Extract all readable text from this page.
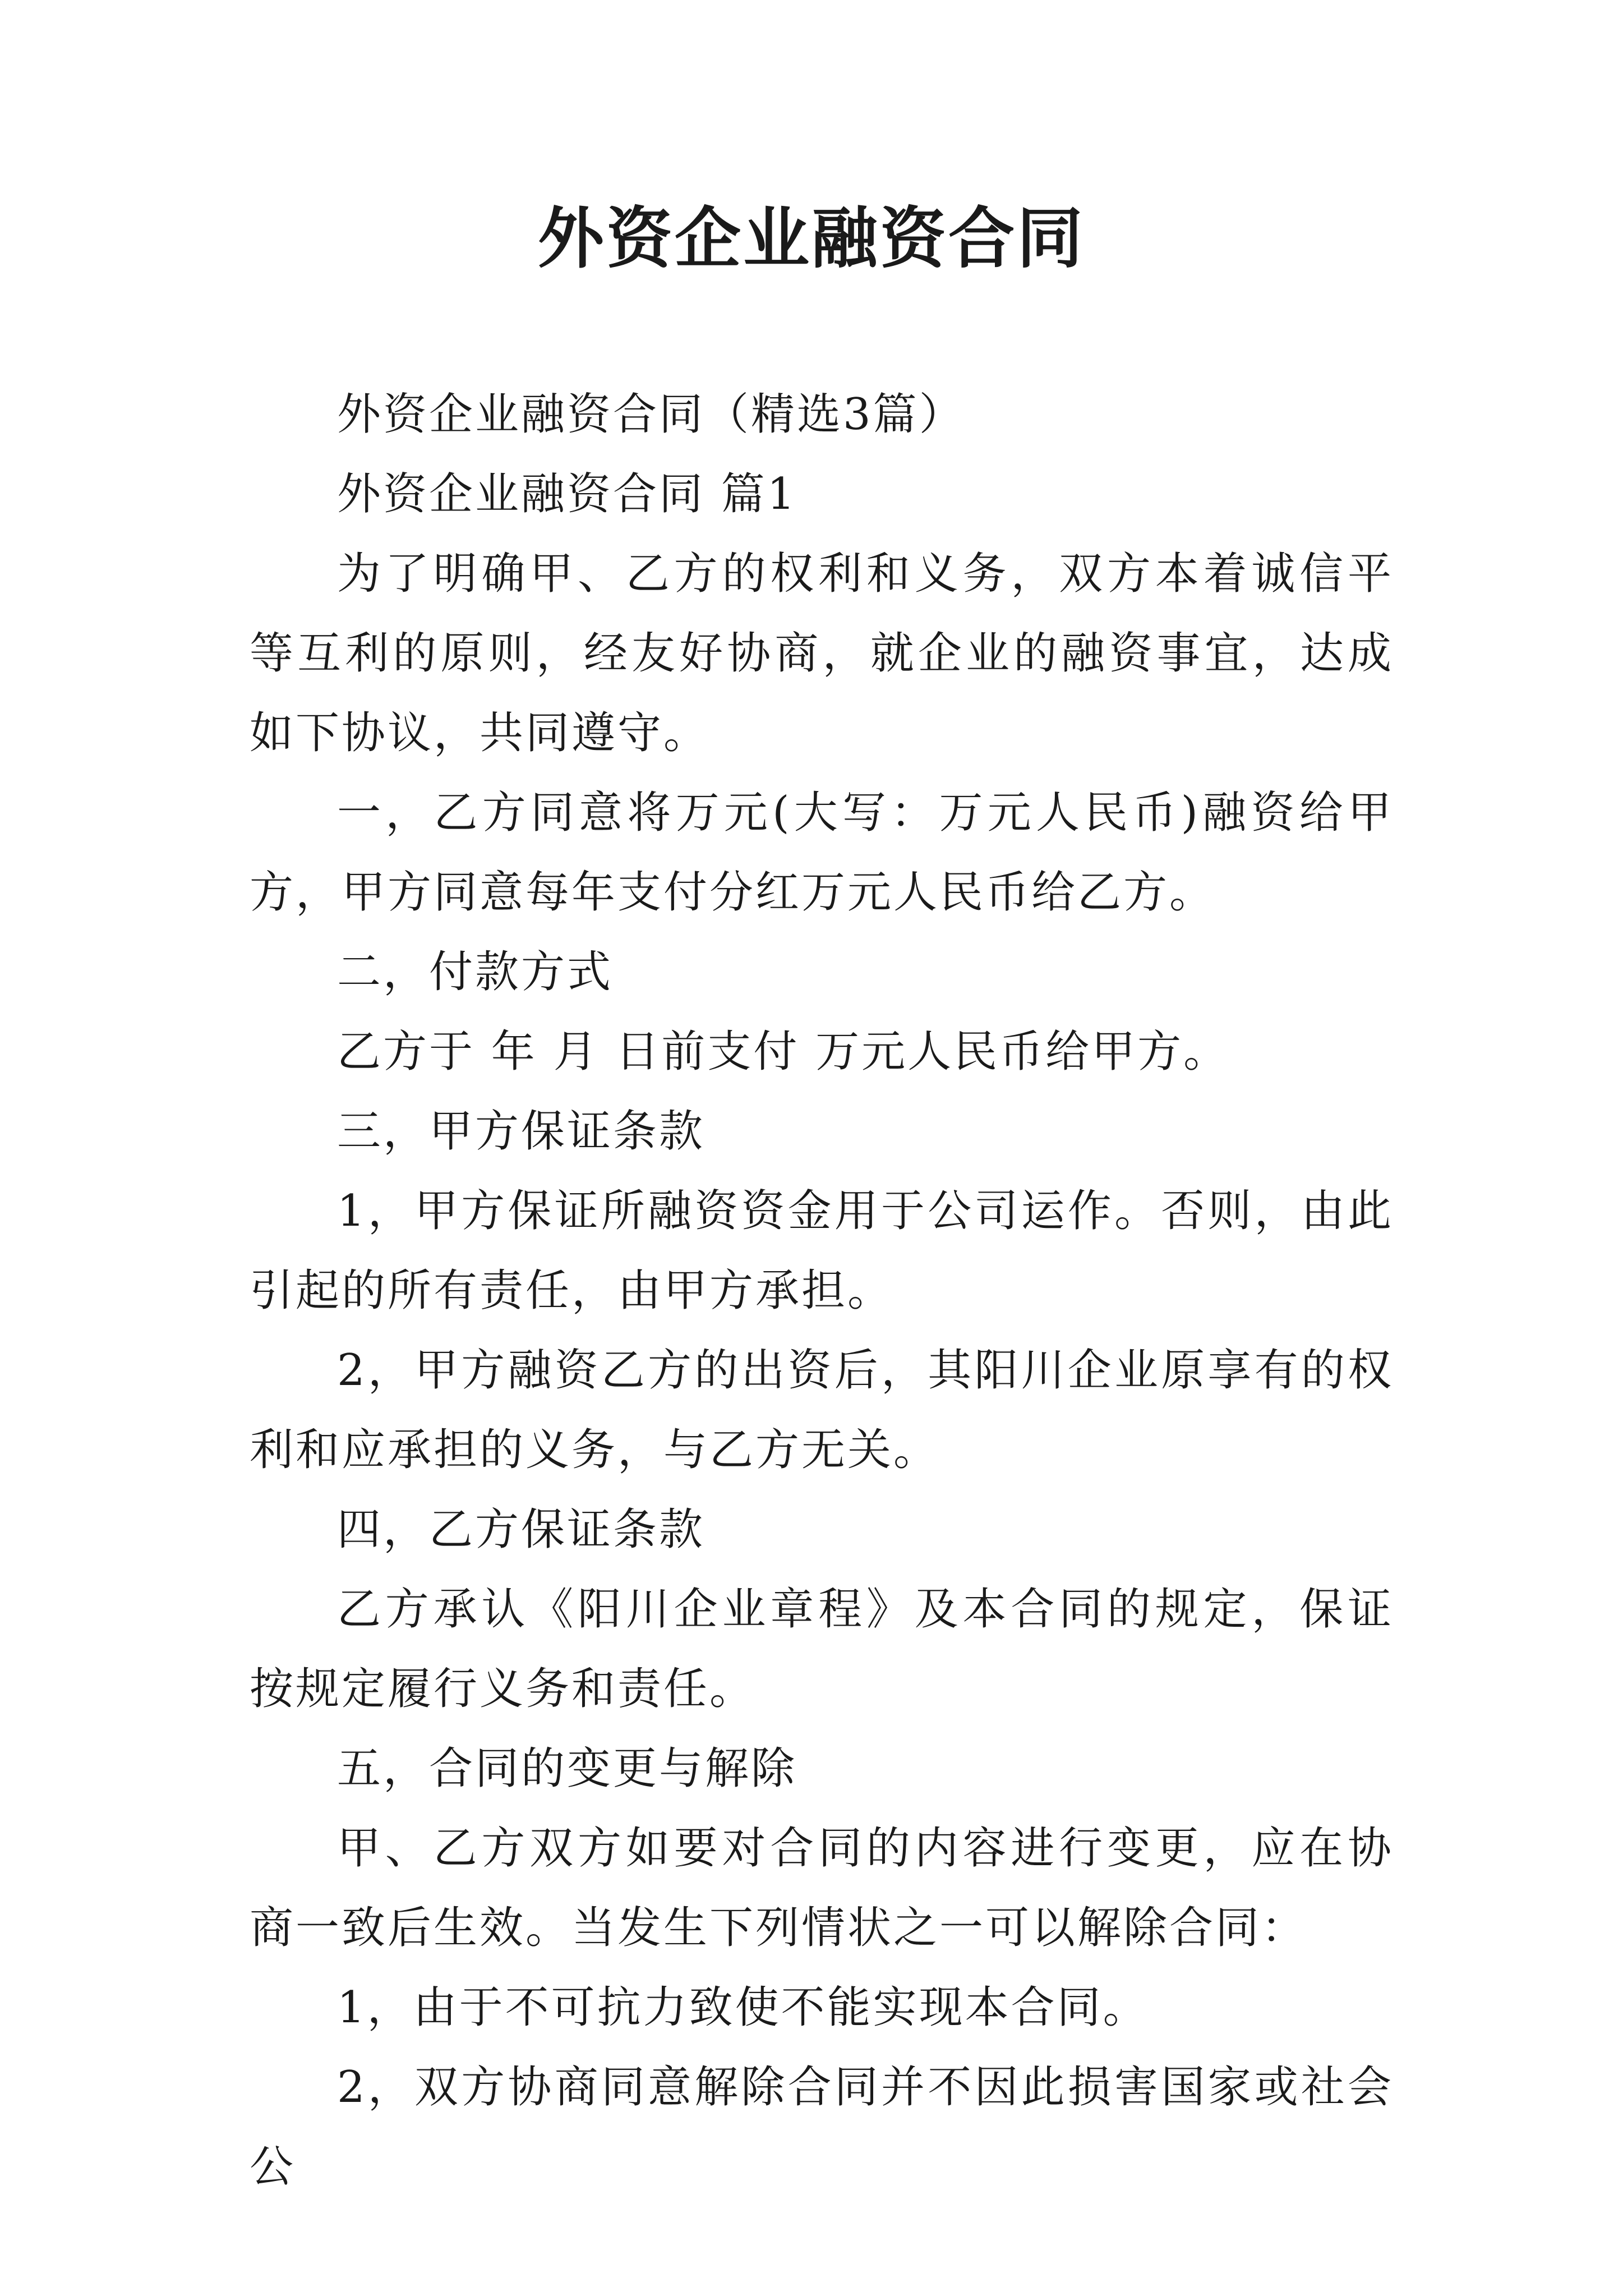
外资企业融资合同

外资企业融资合同（精选3篇）

外资企业融资合同 篇1

为了明确甲、乙方的权利和义务，双方本着诚信平等互利的原则，经友好协商，就企业的融资事宜，达成如下协议，共同遵守。

一，乙方同意将万元(大写：万元人民币)融资给甲方，甲方同意每年支付分红万元人民币给乙方。

二，付款方式

乙方于 年 月 日前支付 万元人民币给甲方。

三，甲方保证条款

1，甲方保证所融资资金用于公司运作。否则，由此引起的所有责任，由甲方承担。

2，甲方融资乙方的出资后，其阳川企业原享有的权利和应承担的义务，与乙方无关。

四，乙方保证条款

乙方承认《阳川企业章程》及本合同的规定，保证按规定履行义务和责任。

五，合同的变更与解除

甲、乙方双方如要对合同的内容进行变更，应在协商一致后生效。当发生下列情状之一可以解除合同：

1，由于不可抗力致使不能实现本合同。

2，双方协商同意解除合同并不因此损害国家或社会公
